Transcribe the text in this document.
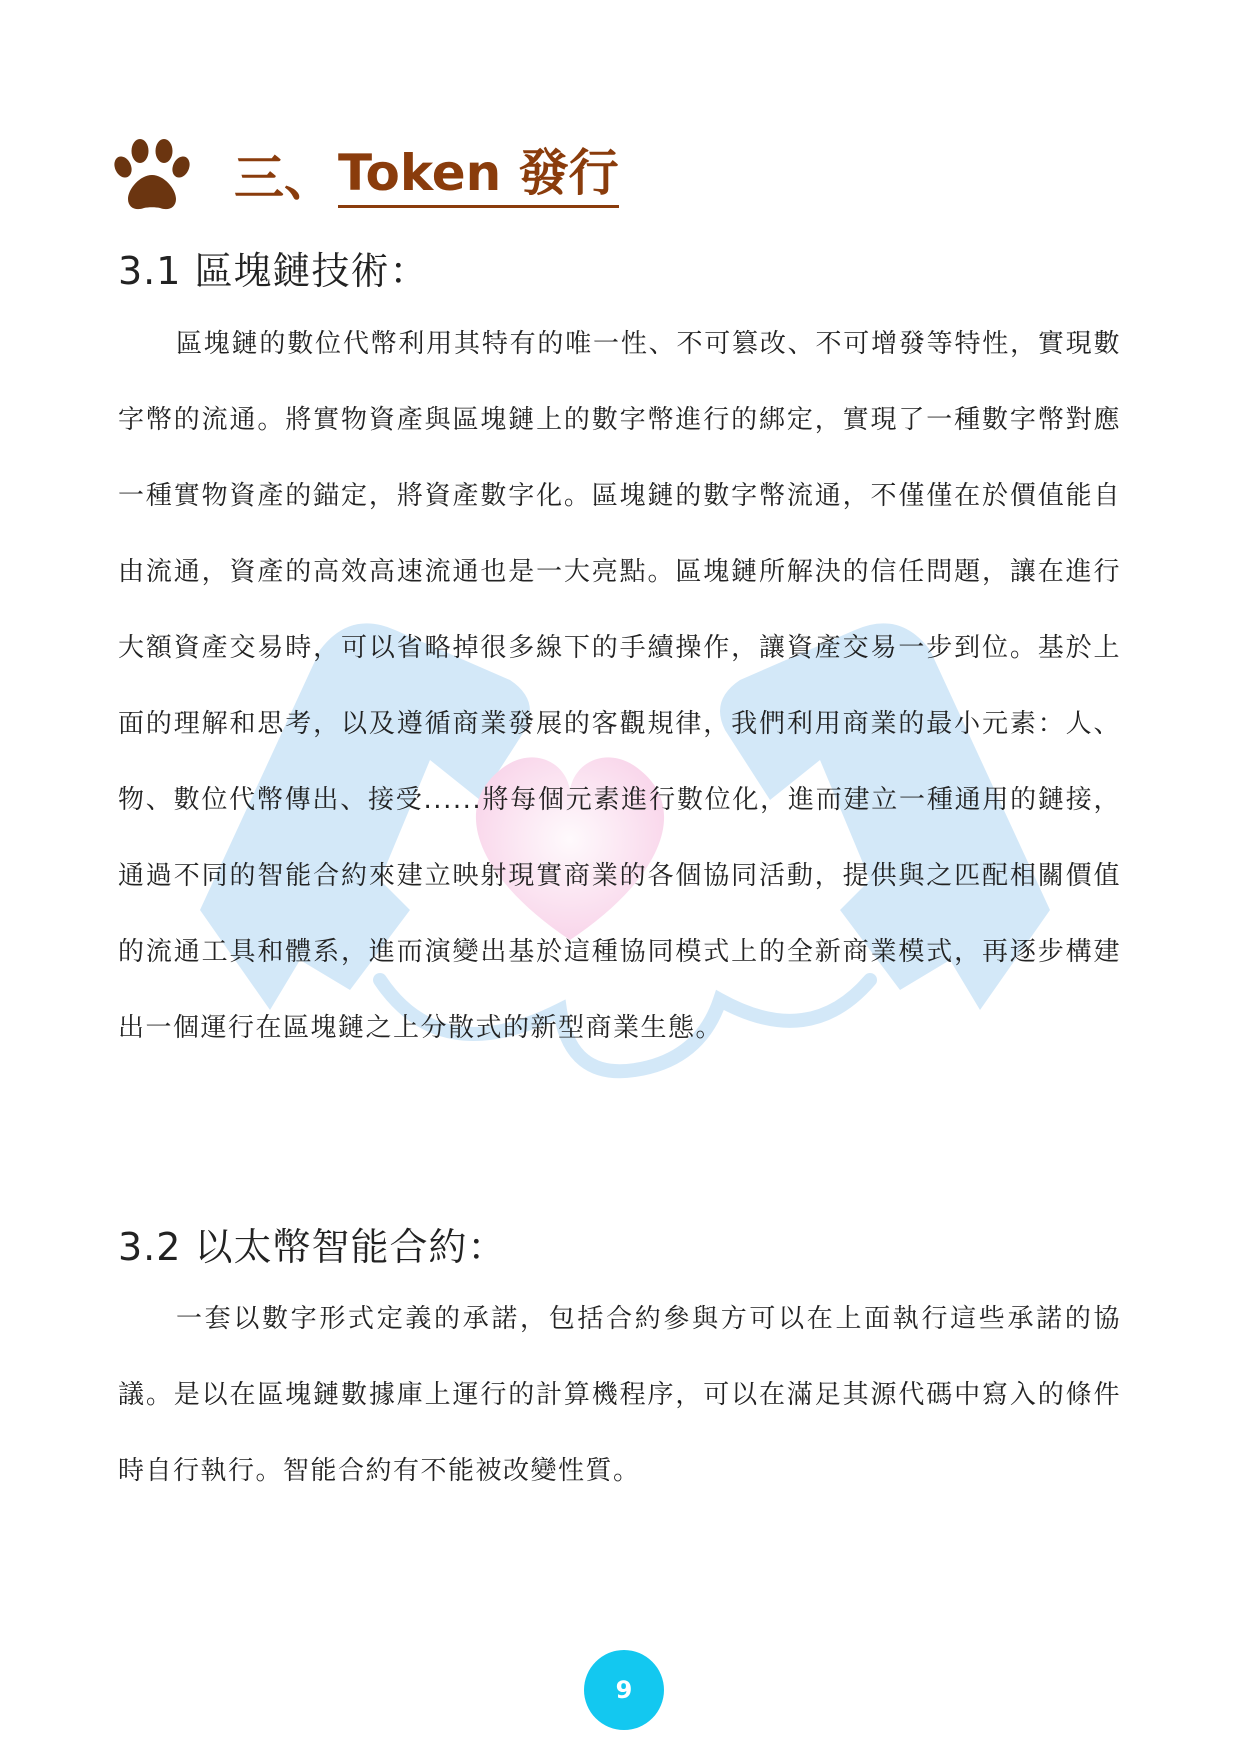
三、 Token 發行
3.1 區塊鏈技術：

區塊鏈的數位代幣利用其特有的唯一性、不可篡改、不可增發等特性，實現數字幣的流通。將實物資產與區塊鏈上的數字幣進行的綁定，實現了一種數字幣對應一種實物資產的錨定，將資產數字化。區塊鏈的數字幣流通，不僅僅在於價值能自由流通，資產的高效高速流通也是一大亮點。區塊鏈所解決的信任問題，讓在進行大額資產交易時，可以省略掉很多線下的手續操作，讓資產交易一步到位。基於上面的理解和思考，以及遵循商業發展的客觀規律，我們利用商業的最小元素：人、物、數位代幣傳出、接受......將每個元素進行數位化，進而建立一種通用的鏈接，通過不同的智能合約來建立映射現實商業的各個協同活動，提供與之匹配相關價值的流通工具和體系，進而演變出基於這種協同模式上的全新商業模式，再逐步構建出一個運行在區塊鏈之上分散式的新型商業生態。

3.2 以太幣智能合約：

一套以數字形式定義的承諾，包括合約參與方可以在上面執行這些承諾的協議。是以在區塊鏈數據庫上運行的計算機程序，可以在滿足其源代碼中寫入的條件時自行執行。智能合約有不能被改變性質。

9
